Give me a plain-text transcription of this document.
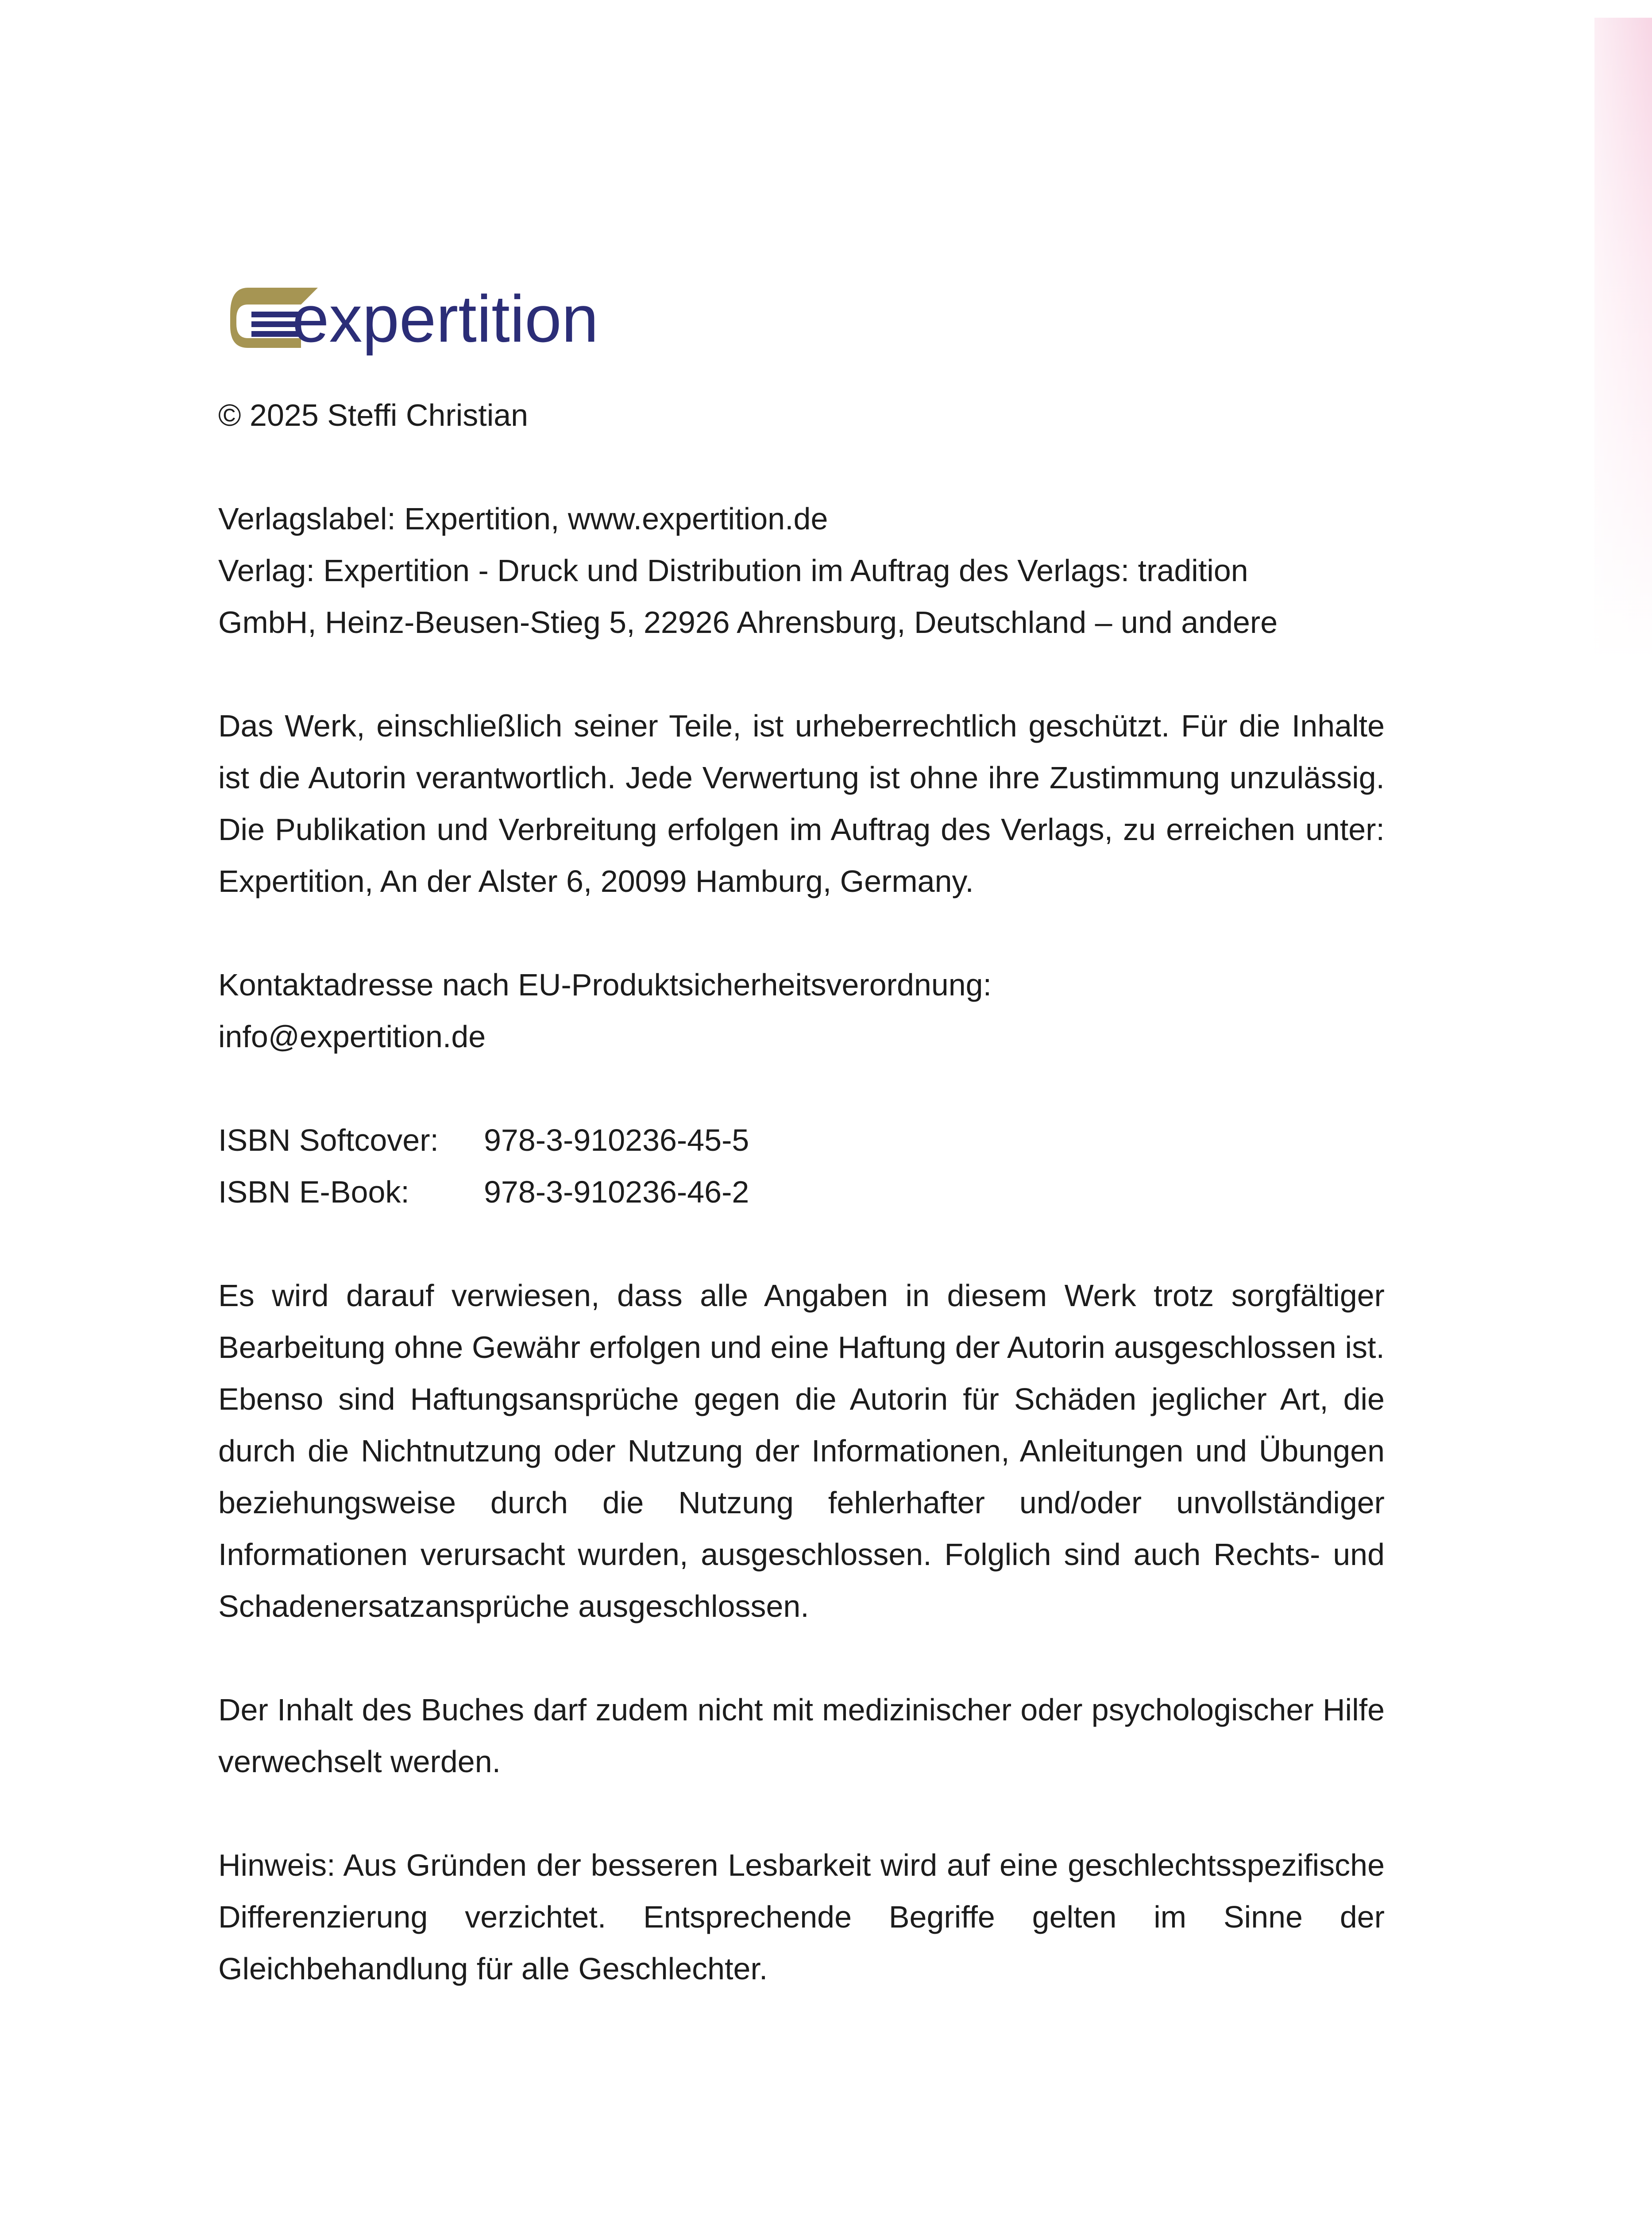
expertition
© 2025 Steffi Christian
Verlagslabel: Expertition, www.expertition.de
Verlag: Expertition - Druck und Distribution im Auftrag des Verlags: tradition
GmbH, Heinz-Beusen-Stieg 5, 22926 Ahrensburg, Deutschland – und andere

Das Werk, einschließlich seiner Teile, ist urheberrechtlich geschützt. Für die Inhalte ist die Autorin verantwortlich. Jede Verwertung ist ohne ihre Zustimmung unzulässig. Die Publikation und Verbreitung erfolgen im Auftrag des Verlags, zu erreichen unter: Expertition, An der Alster 6, 20099 Hamburg, Germany.

Kontaktadresse nach EU-Produktsicherheitsverordnung:
info@expertition.de
ISBN Softcover:	978-3-910236-45-5
ISBN E-Book:	978-3-910236-46-2

Es wird darauf verwiesen, dass alle Angaben in diesem Werk trotz sorgfältiger Bearbeitung ohne Gewähr erfolgen und eine Haftung der Autorin ausgeschlossen ist. Ebenso sind Haftungsansprüche gegen die Autorin für Schäden jeglicher Art, die durch die Nichtnutzung oder Nutzung der Informationen, Anleitungen und Übungen beziehungsweise durch die Nutzung fehlerhafter und/oder unvollständiger Informationen verursacht wurden, ausgeschlossen. Folglich sind auch Rechts- und Schadenersatzansprüche ausgeschlossen.

Der Inhalt des Buches darf zudem nicht mit medizinischer oder psychologischer Hilfe verwechselt werden.

Hinweis: Aus Gründen der besseren Lesbarkeit wird auf eine geschlechtsspezifische Differenzierung verzichtet. Entsprechende Begriffe gelten im Sinne der Gleichbehandlung für alle Geschlechter.
